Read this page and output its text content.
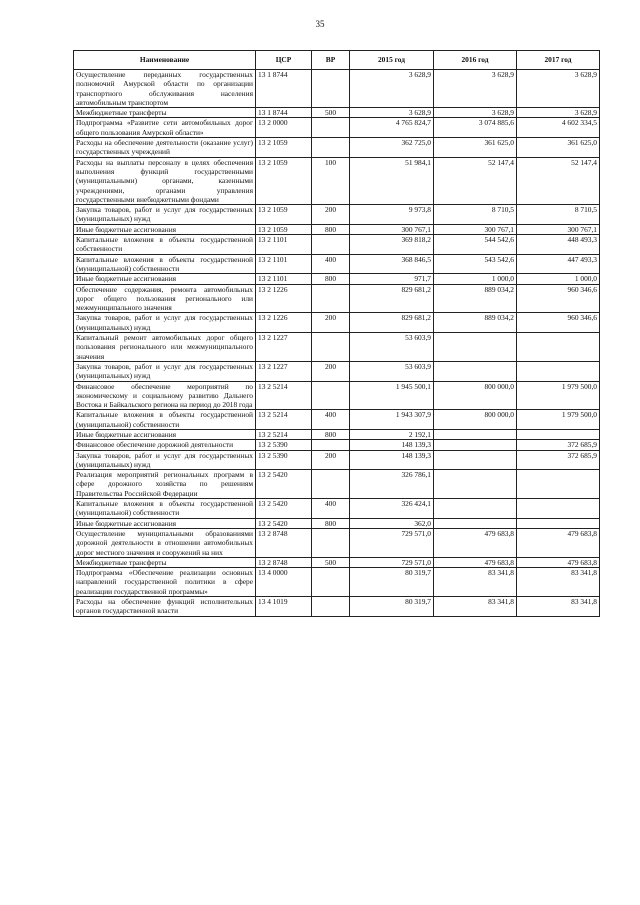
35
Наименование	ЦСР	ВР	2015 год	2016 год	2017 год
Осуществление переданных государственных полномочий Амурской области по организации транспортного обслуживания населения автомобильным транспортом	13 1 8744		3 628,9	3 628,9	3 628,9
Межбюджетные трансферты	13 1 8744	500	3 628,9	3 628,9	3 628,9
Подпрограмма «Развитие сети автомобильных дорог общего пользования Амурской области»	13 2 0000		4 765 824,7	3 074 885,6	4 602 334,5
Расходы на обеспечение деятельности (оказание услуг) государственных учреждений	13 2 1059		362 725,0	361 625,0	361 625,0
Расходы на выплаты персоналу в целях обеспечения выполнения функций государственными (муниципальными) органами, казенными учреждениями, органами управления государственными внебюджетными фондами	13 2 1059	100	51 984,1	52 147,4	52 147,4
Закупка товаров, работ и услуг для государственных (муниципальных) нужд	13 2 1059	200	9 973,8	8 710,5	8 710,5
Иные бюджетные ассигнования	13 2 1059	800	300 767,1	300 767,1	300 767,1
Капитальные вложения в объекты государственной собственности	13 2 1101		369 818,2	544 542,6	448 493,3
Капитальные вложения в объекты государственной (муниципальной) собственности	13 2 1101	400	368 846,5	543 542,6	447 493,3
Иные бюджетные ассигнования	13 2 1101	800	971,7	1 000,0	1 000,0
Обеспечение содержания, ремонта автомобильных дорог общего пользования регионального или межмуниципального значения	13 2 1226		829 681,2	889 034,2	960 346,6
Закупка товаров, работ и услуг для государственных (муниципальных) нужд	13 2 1226	200	829 681,2	889 034,2	960 346,6
Капитальный ремонт автомобильных дорог общего пользования регионального или межмуниципального значения	13 2 1227		53 603,9		
Закупка товаров, работ и услуг для государственных (муниципальных) нужд	13 2 1227	200	53 603,9		
Финансовое обеспечение мероприятий по экономическому и социальному развитию Дальнего Востока и Байкальского региона на период до 2018 года	13 2 5214		1 945 500,1	800 000,0	1 979 500,0
Капитальные вложения в объекты государственной (муниципальной) собственности	13 2 5214	400	1 943 307,9	800 000,0	1 979 500,0
Иные бюджетные ассигнования	13 2 5214	800	2 192,1		
Финансовое обеспечение дорожной деятельности	13 2 5390		148 139,3		372 685,9
Закупка товаров, работ и услуг для государственных (муниципальных) нужд	13 2 5390	200	148 139,3		372 685,9
Реализация мероприятий региональных программ в сфере дорожного хозяйства по решениям Правительства Российской Федерации	13 2 5420		326 786,1		
Капитальные вложения в объекты государственной (муниципальной) собственности	13 2 5420	400	326 424,1		
Иные бюджетные ассигнования	13 2 5420	800	362,0		
Осуществление муниципальными образованиями дорожной деятельности в отношении автомобильных дорог местного значения и сооружений на них	13 2 8748		729 571,0	479 683,8	479 683,8
Межбюджетные трансферты	13 2 8748	500	729 571,0	479 683,8	479 683,8
Подпрограмма «Обеспечение реализации основных направлений государственной политики в сфере реализации государственной программы»	13 4 0000		80 319,7	83 341,8	83 341,8
Расходы на обеспечение функций исполнительных органов государственной власти	13 4 1019		80 319,7	83 341,8	83 341,8
